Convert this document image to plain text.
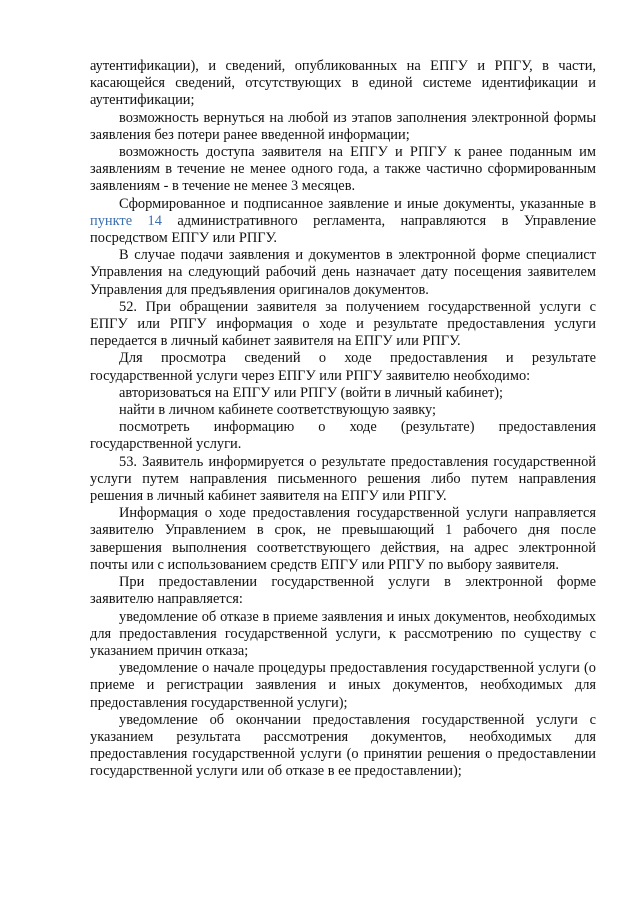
аутентификации), и сведений, опубликованных на ЕПГУ и РПГУ, в части, касающейся сведений, отсутствующих в единой системе идентификации и аутентификации;

возможность вернуться на любой из этапов заполнения электронной формы заявления без потери ранее введенной информации;

возможность доступа заявителя на ЕПГУ и РПГУ к ранее поданным им заявлениям в течение не менее одного года, а также частично сформированным заявлениям - в течение не менее 3 месяцев.

Сформированное и подписанное заявление и иные документы, указанные в пункте 14 административного регламента, направляются в Управление посредством ЕПГУ или РПГУ.

В случае подачи заявления и документов в электронной форме специалист Управления на следующий рабочий день назначает дату посещения заявителем Управления для предъявления оригиналов документов.

52. При обращении заявителя за получением государственной услуги с ЕПГУ или РПГУ информация о ходе и результате предоставления услуги передается в личный кабинет заявителя на ЕПГУ или РПГУ.

Для просмотра сведений о ходе предоставления и результате государственной услуги через ЕПГУ или РПГУ заявителю необходимо:

авторизоваться на ЕПГУ или РПГУ (войти в личный кабинет);

найти в личном кабинете соответствующую заявку;

посмотреть информацию о ходе (результате) предоставления государственной услуги.

53. Заявитель информируется о результате предоставления государственной услуги путем направления письменного решения либо путем направления решения в личный кабинет заявителя на ЕПГУ или РПГУ.

Информация о ходе предоставления государственной услуги направляется заявителю Управлением в срок, не превышающий 1 рабочего дня после завершения выполнения соответствующего действия, на адрес электронной почты или с использованием средств ЕПГУ или РПГУ по выбору заявителя.

При предоставлении государственной услуги в электронной форме заявителю направляется:

уведомление об отказе в приеме заявления и иных документов, необходимых для предоставления государственной услуги, к рассмотрению по существу с указанием причин отказа;

уведомление о начале процедуры предоставления государственной услуги (о приеме и регистрации заявления и иных документов, необходимых для предоставления государственной услуги);

уведомление об окончании предоставления государственной услуги с указанием результата рассмотрения документов, необходимых для предоставления государственной услуги (о принятии решения о предоставлении государственной услуги или об отказе в ее предоставлении);
